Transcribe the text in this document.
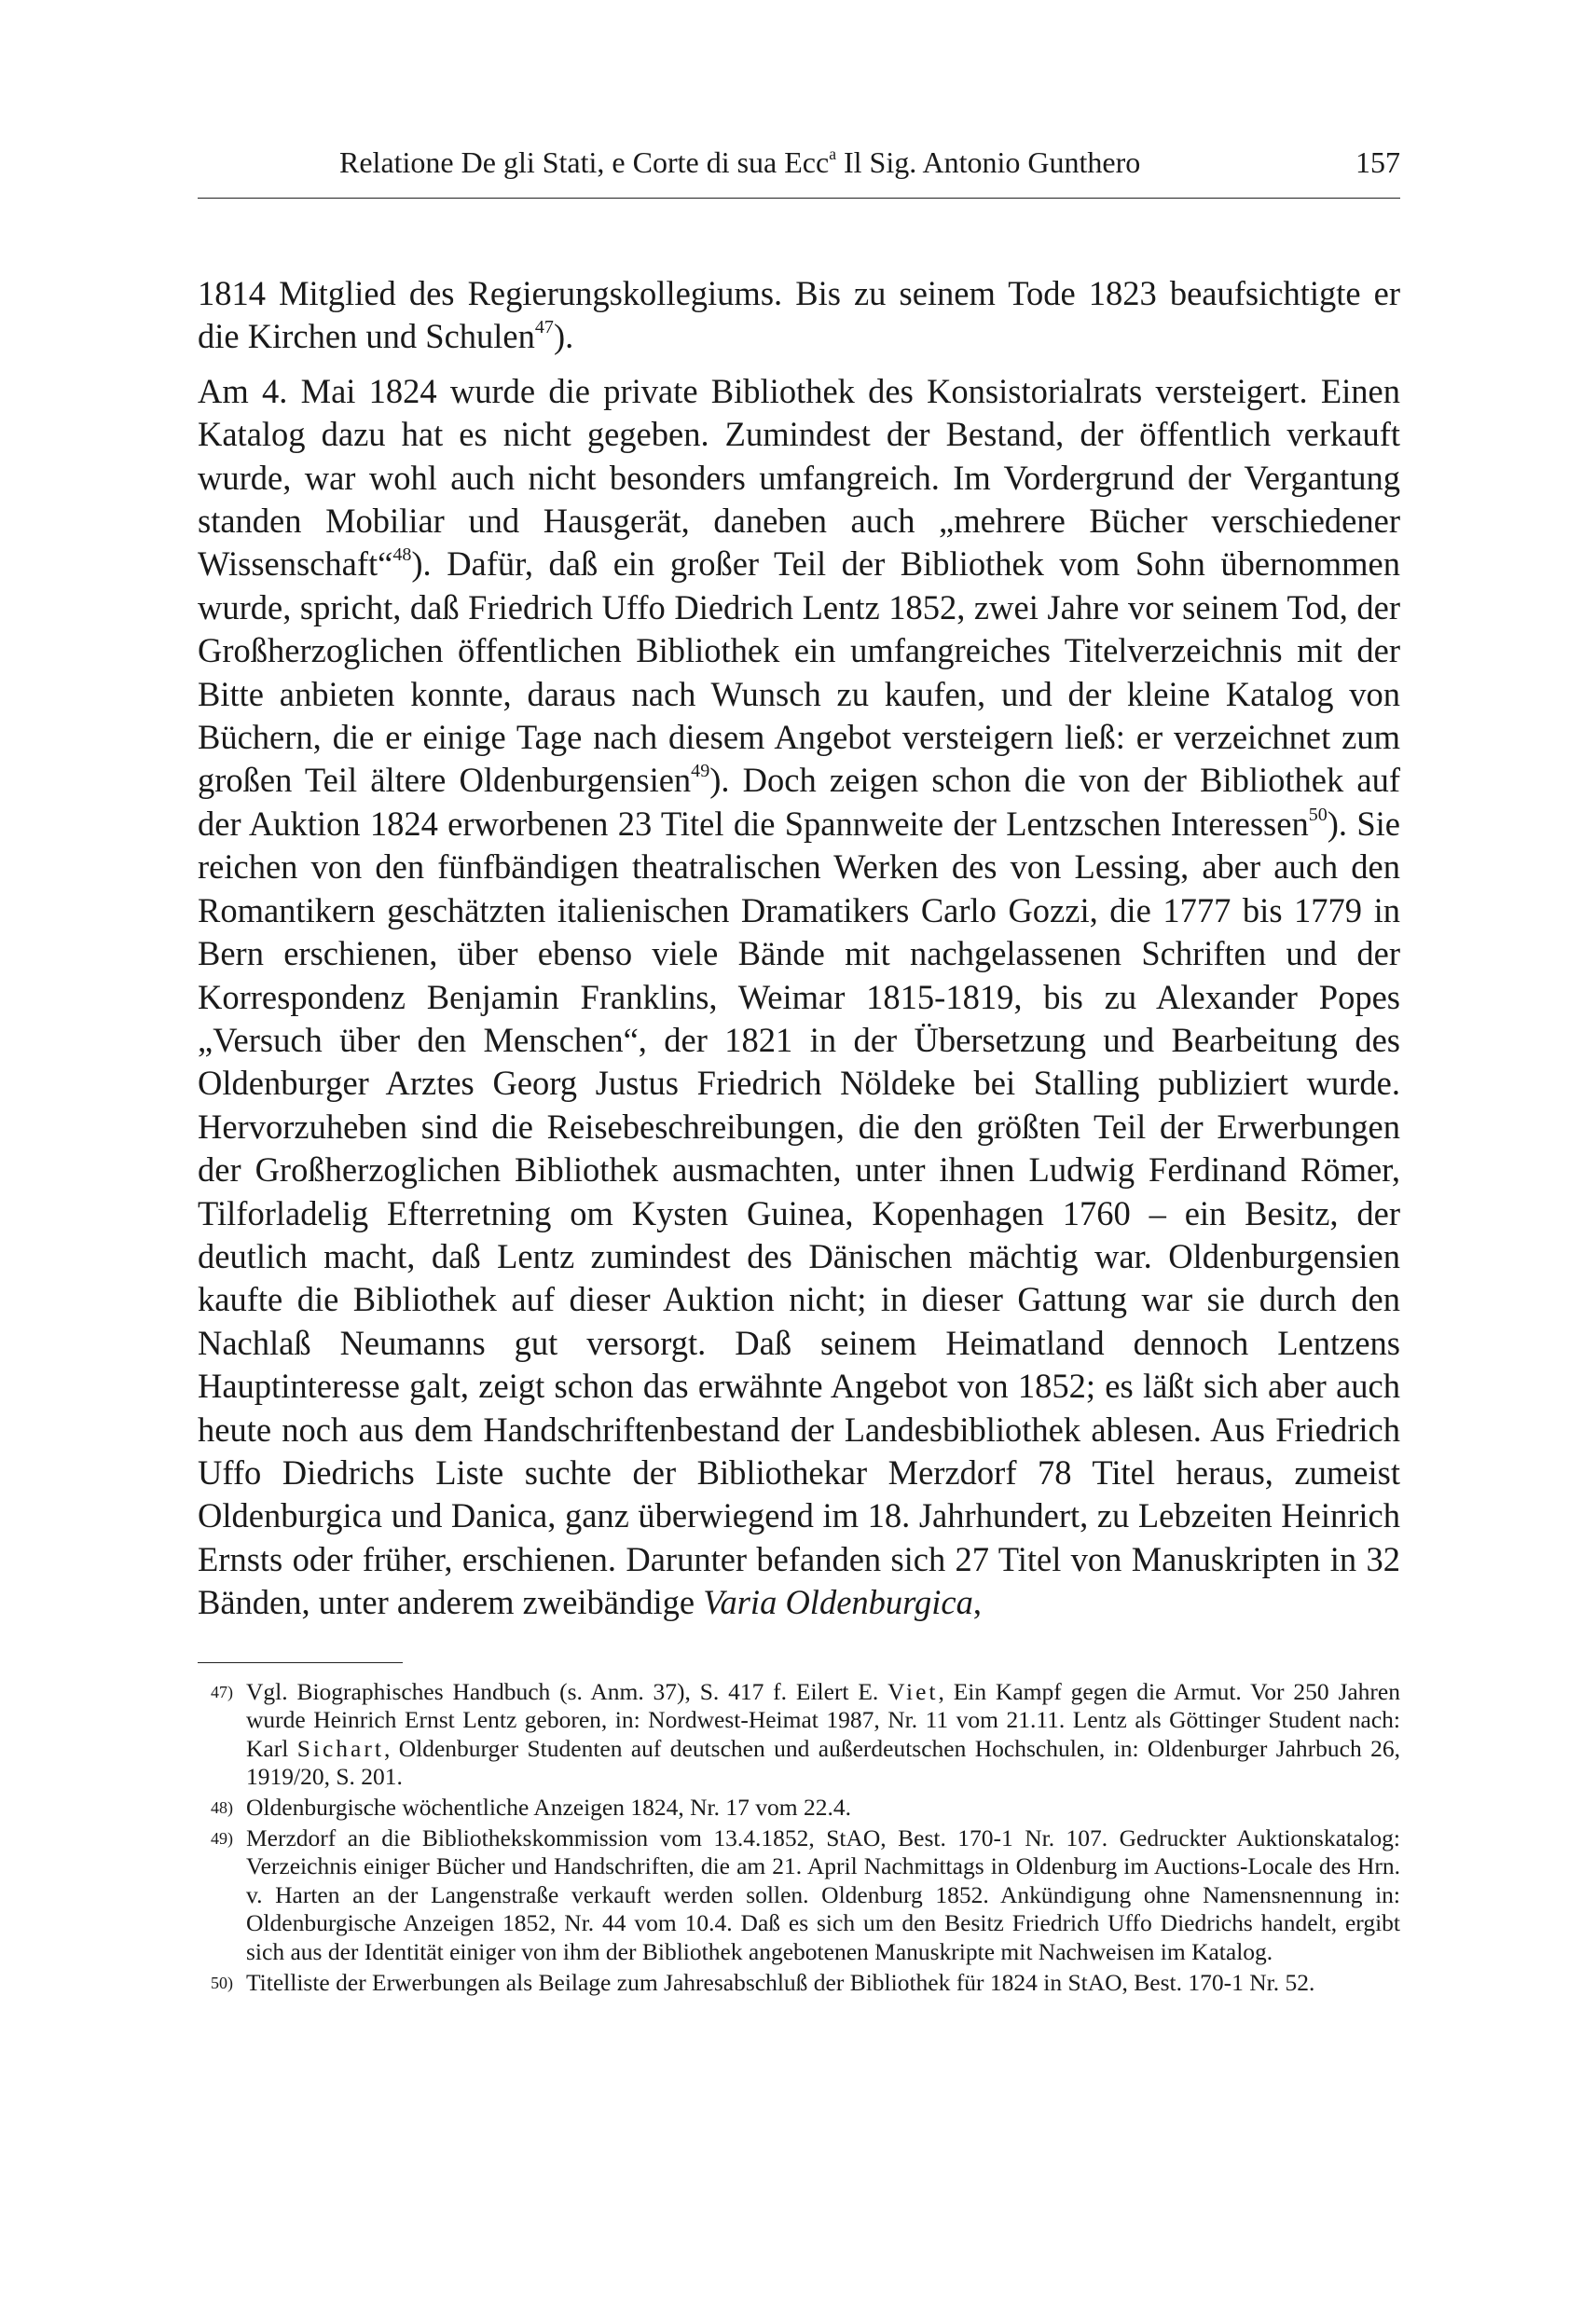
Relatione De gli Stati, e Corte di sua Ecc$^a$ Il Sig. Antonio Gunthero	157

1814 Mitglied des Regierungskollegiums. Bis zu seinem Tode 1823 beaufsichtigte er die Kirchen und Schulen$^{47}$).

Am 4. Mai 1824 wurde die private Bibliothek des Konsistorialrats versteigert. Einen Katalog dazu hat es nicht gegeben. Zumindest der Bestand, der öffentlich verkauft wurde, war wohl auch nicht besonders umfangreich. Im Vordergrund der Vergantung standen Mobiliar und Hausgerät, daneben auch „mehrere Bücher verschiedener Wissenschaft“$^{48}$). Dafür, daß ein großer Teil der Bibliothek vom Sohn übernommen wurde, spricht, daß Friedrich Uffo Diedrich Lentz 1852, zwei Jahre vor seinem Tod, der Großherzoglichen öffentlichen Bibliothek ein umfangreiches Titelverzeichnis mit der Bitte anbieten konnte, daraus nach Wunsch zu kaufen, und der kleine Katalog von Büchern, die er einige Tage nach diesem Angebot versteigern ließ: er verzeichnet zum großen Teil ältere Oldenburgensien$^{49}$). Doch zeigen schon die von der Bibliothek auf der Auktion 1824 erworbenen 23 Titel die Spannweite der Lentzschen Interessen$^{50}$). Sie reichen von den fünfbändigen theatralischen Werken des von Lessing, aber auch den Romantikern geschätzten italienischen Dramatikers Carlo Gozzi, die 1777 bis 1779 in Bern erschienen, über ebenso viele Bände mit nachgelassenen Schriften und der Korrespondenz Benjamin Franklins, Weimar 1815-1819, bis zu Alexander Popes „Versuch über den Menschen“, der 1821 in der Übersetzung und Bearbeitung des Oldenburger Arztes Georg Justus Friedrich Nöldeke bei Stalling publiziert wurde. Hervorzuheben sind die Reisebeschreibungen, die den größten Teil der Erwerbungen der Großherzoglichen Bibliothek ausmachten, unter ihnen Ludwig Ferdinand Römer, Tilforladelig Efterretning om Kysten Guinea, Kopenhagen 1760 – ein Besitz, der deutlich macht, daß Lentz zumindest des Dänischen mächtig war. Oldenburgensien kaufte die Bibliothek auf dieser Auktion nicht; in dieser Gattung war sie durch den Nachlaß Neumanns gut versorgt. Daß seinem Heimatland dennoch Lentzens Hauptinteresse galt, zeigt schon das erwähnte Angebot von 1852; es läßt sich aber auch heute noch aus dem Handschriftenbestand der Landesbibliothek ablesen. Aus Friedrich Uffo Diedrichs Liste suchte der Bibliothekar Merzdorf 78 Titel heraus, zumeist Oldenburgica und Danica, ganz überwiegend im 18. Jahrhundert, zu Lebzeiten Heinrich Ernsts oder früher, erschienen. Darunter befanden sich 27 Titel von Manuskripten in 32 Bänden, unter anderem zweibändige Varia Oldenburgica,

47) Vgl. Biographisches Handbuch (s. Anm. 37), S. 417 f. Eilert E. Viet, Ein Kampf gegen die Armut. Vor 250 Jahren wurde Heinrich Ernst Lentz geboren, in: Nordwest-Heimat 1987, Nr. 11 vom 21.11. Lentz als Göttinger Student nach: Karl Sichart, Oldenburger Studenten auf deutschen und außerdeutschen Hochschulen, in: Oldenburger Jahrbuch 26, 1919/20, S. 201.
48) Oldenburgische wöchentliche Anzeigen 1824, Nr. 17 vom 22.4.
49) Merzdorf an die Bibliothekskommission vom 13.4.1852, StAO, Best. 170-1 Nr. 107. Gedruckter Auktionskatalog: Verzeichnis einiger Bücher und Handschriften, die am 21. April Nachmittags in Oldenburg im Auctions-Locale des Hrn. v. Harten an der Langenstraße verkauft werden sollen. Oldenburg 1852. Ankündigung ohne Namensnennung in: Oldenburgische Anzeigen 1852, Nr. 44 vom 10.4. Daß es sich um den Besitz Friedrich Uffo Diedrichs handelt, ergibt sich aus der Identität einiger von ihm der Bibliothek angebotenen Manuskripte mit Nachweisen im Katalog.
50) Titelliste der Erwerbungen als Beilage zum Jahresabschluß der Bibliothek für 1824 in StAO, Best. 170-1 Nr. 52.
